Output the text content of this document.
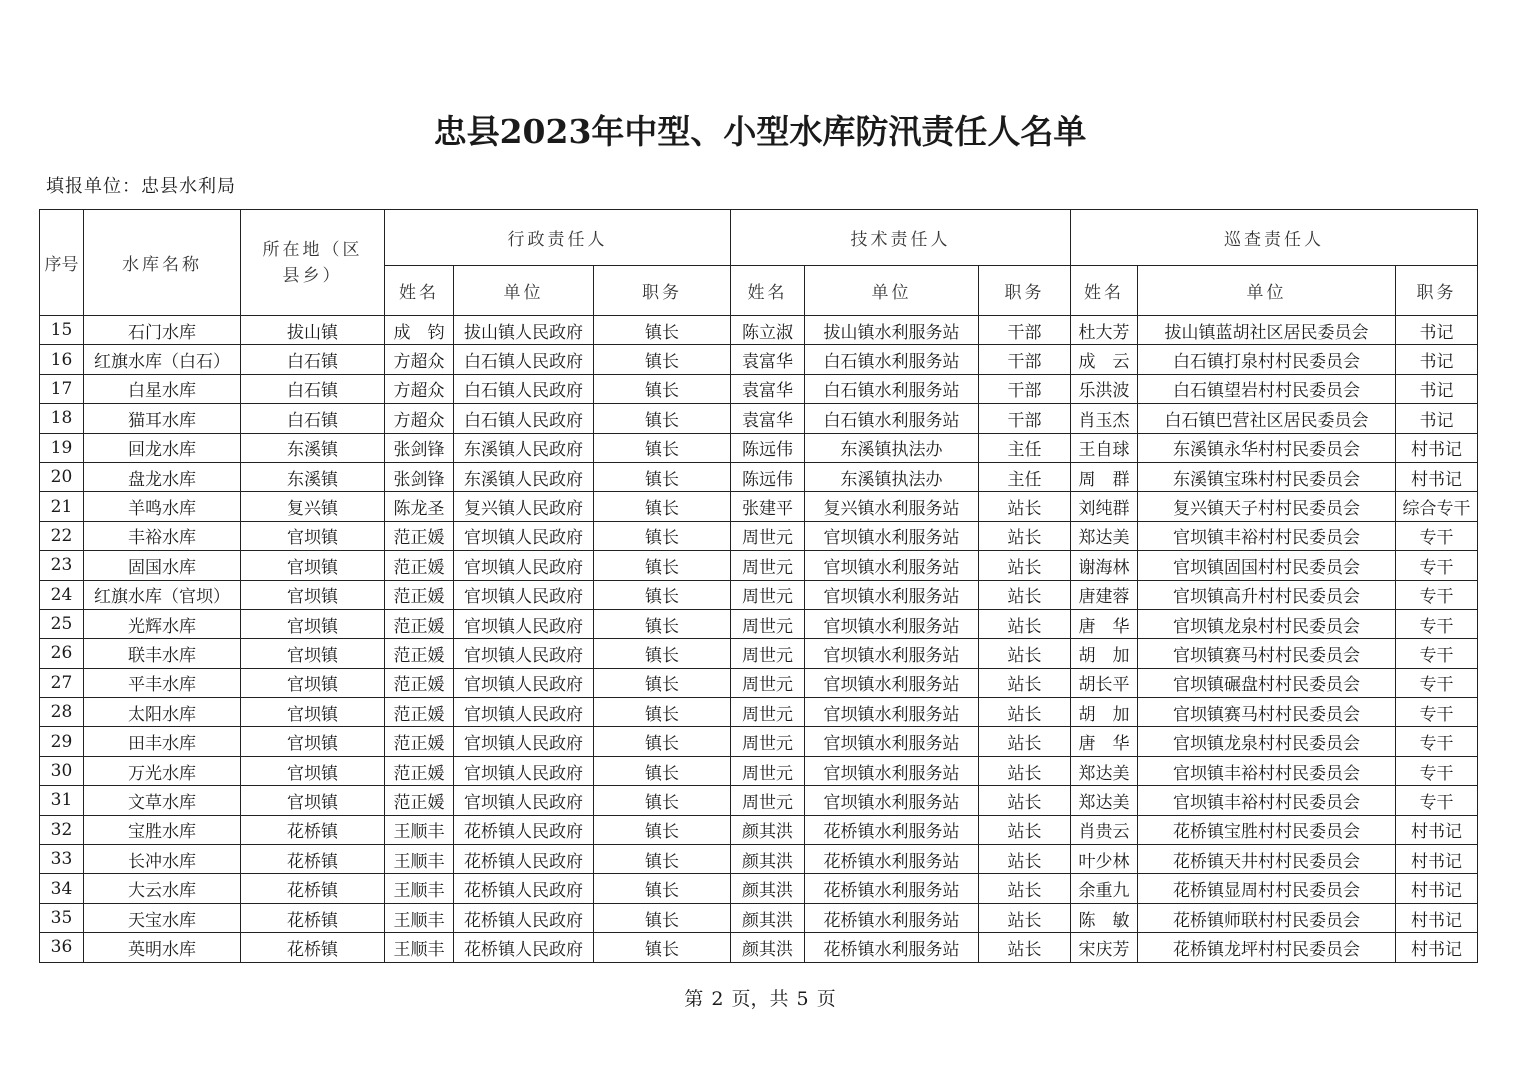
忠县2023年中型、小型水库防汛责任人名单
填报单位：忠县水利局
序号	水库名称	所在地（区县乡）	行政责任人			技术责任人			巡查责任人		
			姓名	单位	职务	姓名	单位	职务	姓名	单位	职务
15	石门水库	拔山镇	成　钧	拔山镇人民政府	镇长	陈立淑	拔山镇水利服务站	干部	杜大芳	拔山镇蓝胡社区居民委员会	书记
16	红旗水库（白石）	白石镇	方超众	白石镇人民政府	镇长	袁富华	白石镇水利服务站	干部	成　云	白石镇打泉村村民委员会	书记
17	白星水库	白石镇	方超众	白石镇人民政府	镇长	袁富华	白石镇水利服务站	干部	乐洪波	白石镇望岩村村民委员会	书记
18	猫耳水库	白石镇	方超众	白石镇人民政府	镇长	袁富华	白石镇水利服务站	干部	肖玉杰	白石镇巴营社区居民委员会	书记
19	回龙水库	东溪镇	张剑锋	东溪镇人民政府	镇长	陈远伟	东溪镇执法办	主任	王自球	东溪镇永华村村民委员会	村书记
20	盘龙水库	东溪镇	张剑锋	东溪镇人民政府	镇长	陈远伟	东溪镇执法办	主任	周　群	东溪镇宝珠村村民委员会	村书记
21	羊鸣水库	复兴镇	陈龙圣	复兴镇人民政府	镇长	张建平	复兴镇水利服务站	站长	刘纯群	复兴镇天子村村民委员会	综合专干
22	丰裕水库	官坝镇	范正媛	官坝镇人民政府	镇长	周世元	官坝镇水利服务站	站长	郑达美	官坝镇丰裕村村民委员会	专干
23	固国水库	官坝镇	范正媛	官坝镇人民政府	镇长	周世元	官坝镇水利服务站	站长	谢海林	官坝镇固国村村民委员会	专干
24	红旗水库（官坝）	官坝镇	范正媛	官坝镇人民政府	镇长	周世元	官坝镇水利服务站	站长	唐建蓉	官坝镇高升村村民委员会	专干
25	光辉水库	官坝镇	范正媛	官坝镇人民政府	镇长	周世元	官坝镇水利服务站	站长	唐　华	官坝镇龙泉村村民委员会	专干
26	联丰水库	官坝镇	范正媛	官坝镇人民政府	镇长	周世元	官坝镇水利服务站	站长	胡　加	官坝镇赛马村村民委员会	专干
27	平丰水库	官坝镇	范正媛	官坝镇人民政府	镇长	周世元	官坝镇水利服务站	站长	胡长平	官坝镇碾盘村村民委员会	专干
28	太阳水库	官坝镇	范正媛	官坝镇人民政府	镇长	周世元	官坝镇水利服务站	站长	胡　加	官坝镇赛马村村民委员会	专干
29	田丰水库	官坝镇	范正媛	官坝镇人民政府	镇长	周世元	官坝镇水利服务站	站长	唐　华	官坝镇龙泉村村民委员会	专干
30	万光水库	官坝镇	范正媛	官坝镇人民政府	镇长	周世元	官坝镇水利服务站	站长	郑达美	官坝镇丰裕村村民委员会	专干
31	文草水库	官坝镇	范正媛	官坝镇人民政府	镇长	周世元	官坝镇水利服务站	站长	郑达美	官坝镇丰裕村村民委员会	专干
32	宝胜水库	花桥镇	王顺丰	花桥镇人民政府	镇长	颜其洪	花桥镇水利服务站	站长	肖贵云	花桥镇宝胜村村民委员会	村书记
33	长冲水库	花桥镇	王顺丰	花桥镇人民政府	镇长	颜其洪	花桥镇水利服务站	站长	叶少林	花桥镇天井村村民委员会	村书记
34	大云水库	花桥镇	王顺丰	花桥镇人民政府	镇长	颜其洪	花桥镇水利服务站	站长	余重九	花桥镇显周村村民委员会	村书记
35	天宝水库	花桥镇	王顺丰	花桥镇人民政府	镇长	颜其洪	花桥镇水利服务站	站长	陈　敏	花桥镇师联村村民委员会	村书记
36	英明水库	花桥镇	王顺丰	花桥镇人民政府	镇长	颜其洪	花桥镇水利服务站	站长	宋庆芳	花桥镇龙坪村村民委员会	村书记
第 2 页，共 5 页
